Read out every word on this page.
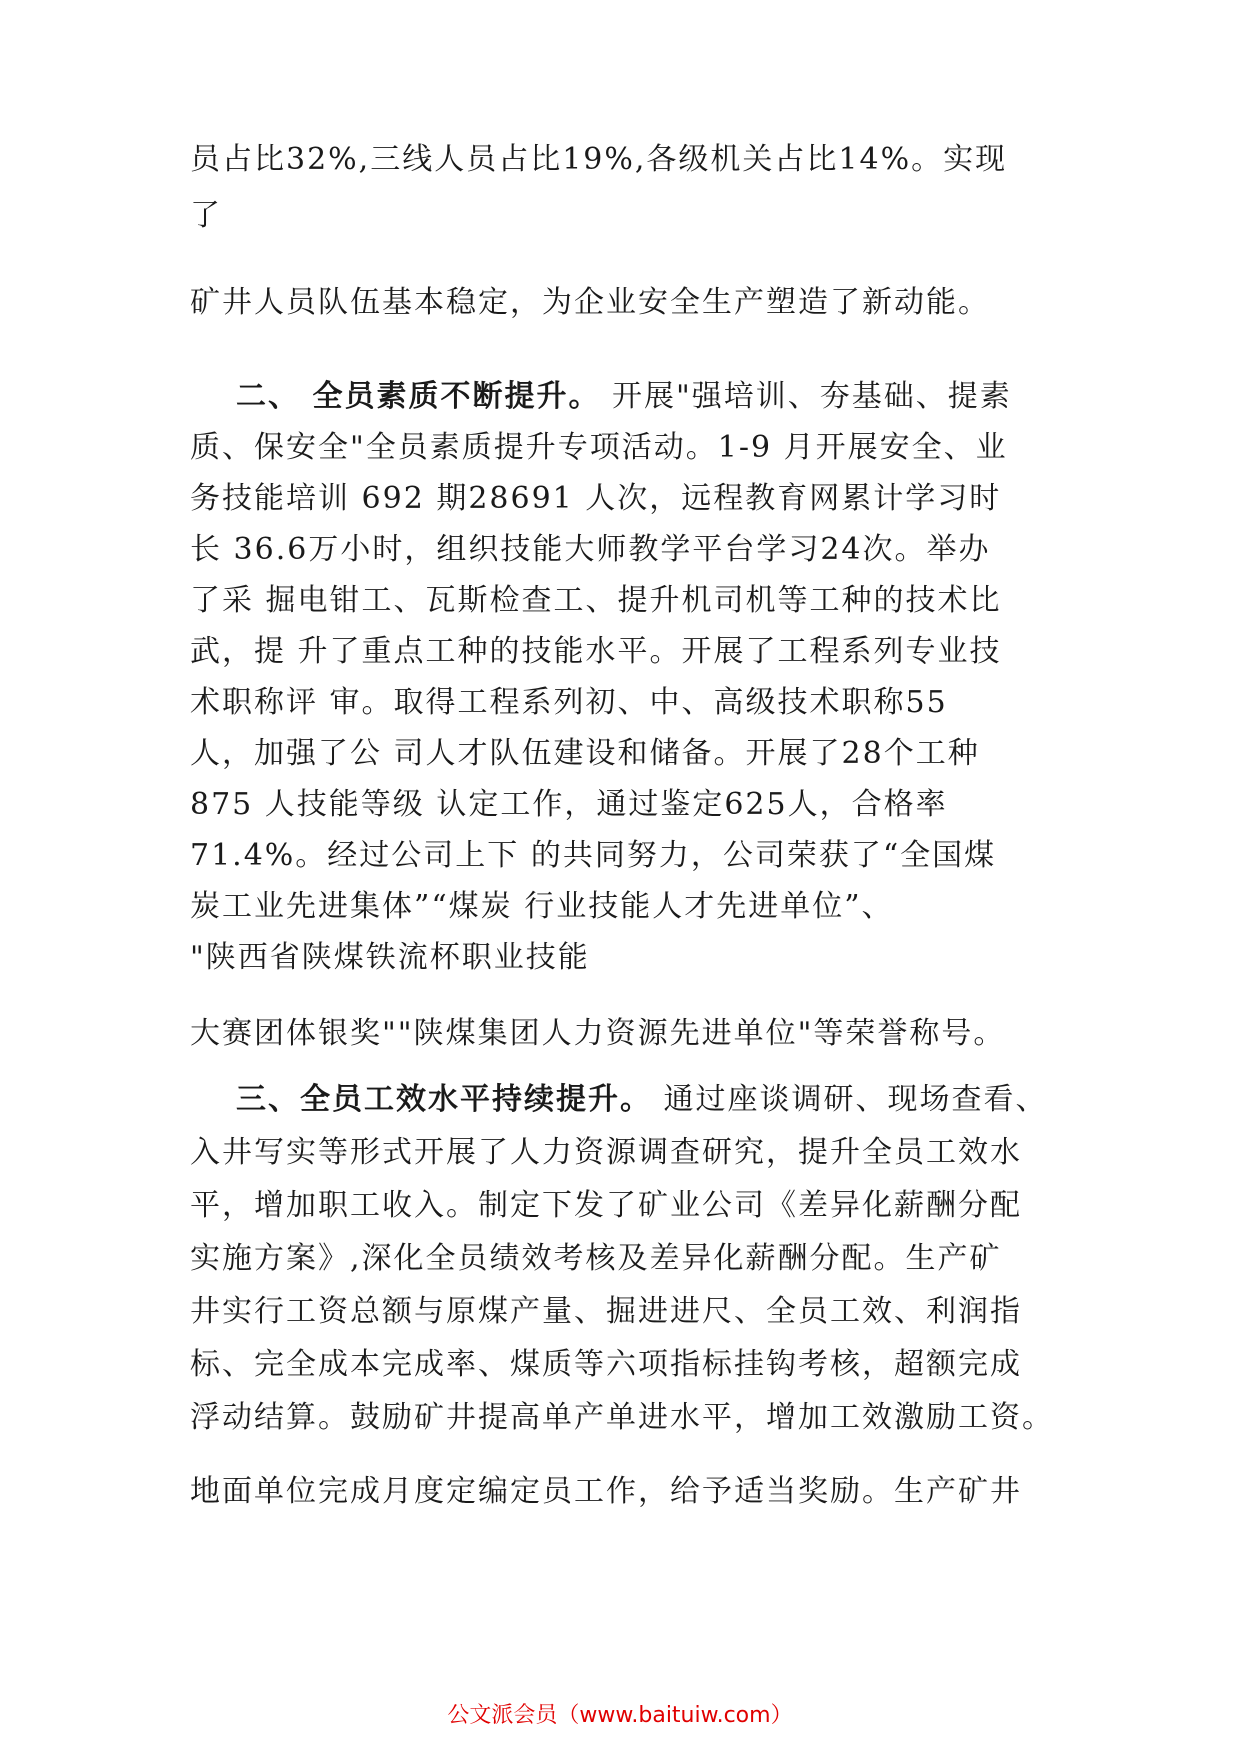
员占比32%,三线人员占比19%,各级机关占比14%。实现
了
矿井人员队伍基本稳定，为企业安全生产塑造了新动能。
二、 全员素质不断提升。 开展"强培训、夯基础、提素
质、保安全"全员素质提升专项活动。1-9 月开展安全、业
务技能培训 692 期28691 人次，远程教育网累计学习时
长 36.6万小时，组织技能大师教学平台学习24次。举办
了采 掘电钳工、瓦斯检查工、提升机司机等工种的技术比
武，提 升了重点工种的技能水平。开展了工程系列专业技
术职称评 审。取得工程系列初、中、高级技术职称55
人，加强了公 司人才队伍建设和储备。开展了28个工种
875 人技能等级 认定工作，通过鉴定625人，合格率
71.4%。经过公司上下 的共同努力，公司荣获了“全国煤
炭工业先进集体”“煤炭 行业技能人才先进单位”、
"陕西省陕煤铁流杯职业技能
大赛团体银奖""陕煤集团人力资源先进单位"等荣誉称号。
三、全员工效水平持续提升。 通过座谈调研、现场查看、
入井写实等形式开展了人力资源调查研究，提升全员工效水
平，增加职工收入。制定下发了矿业公司《差异化薪酬分配
实施方案》,深化全员绩效考核及差异化薪酬分配。生产矿
井实行工资总额与原煤产量、掘进进尺、全员工效、利润指
标、完全成本完成率、煤质等六项指标挂钩考核，超额完成
浮动结算。鼓励矿井提高单产单进水平，增加工效激励工资。
地面单位完成月度定编定员工作，给予适当奖励。生产矿井
公文派会员（www.baituiw.com）
